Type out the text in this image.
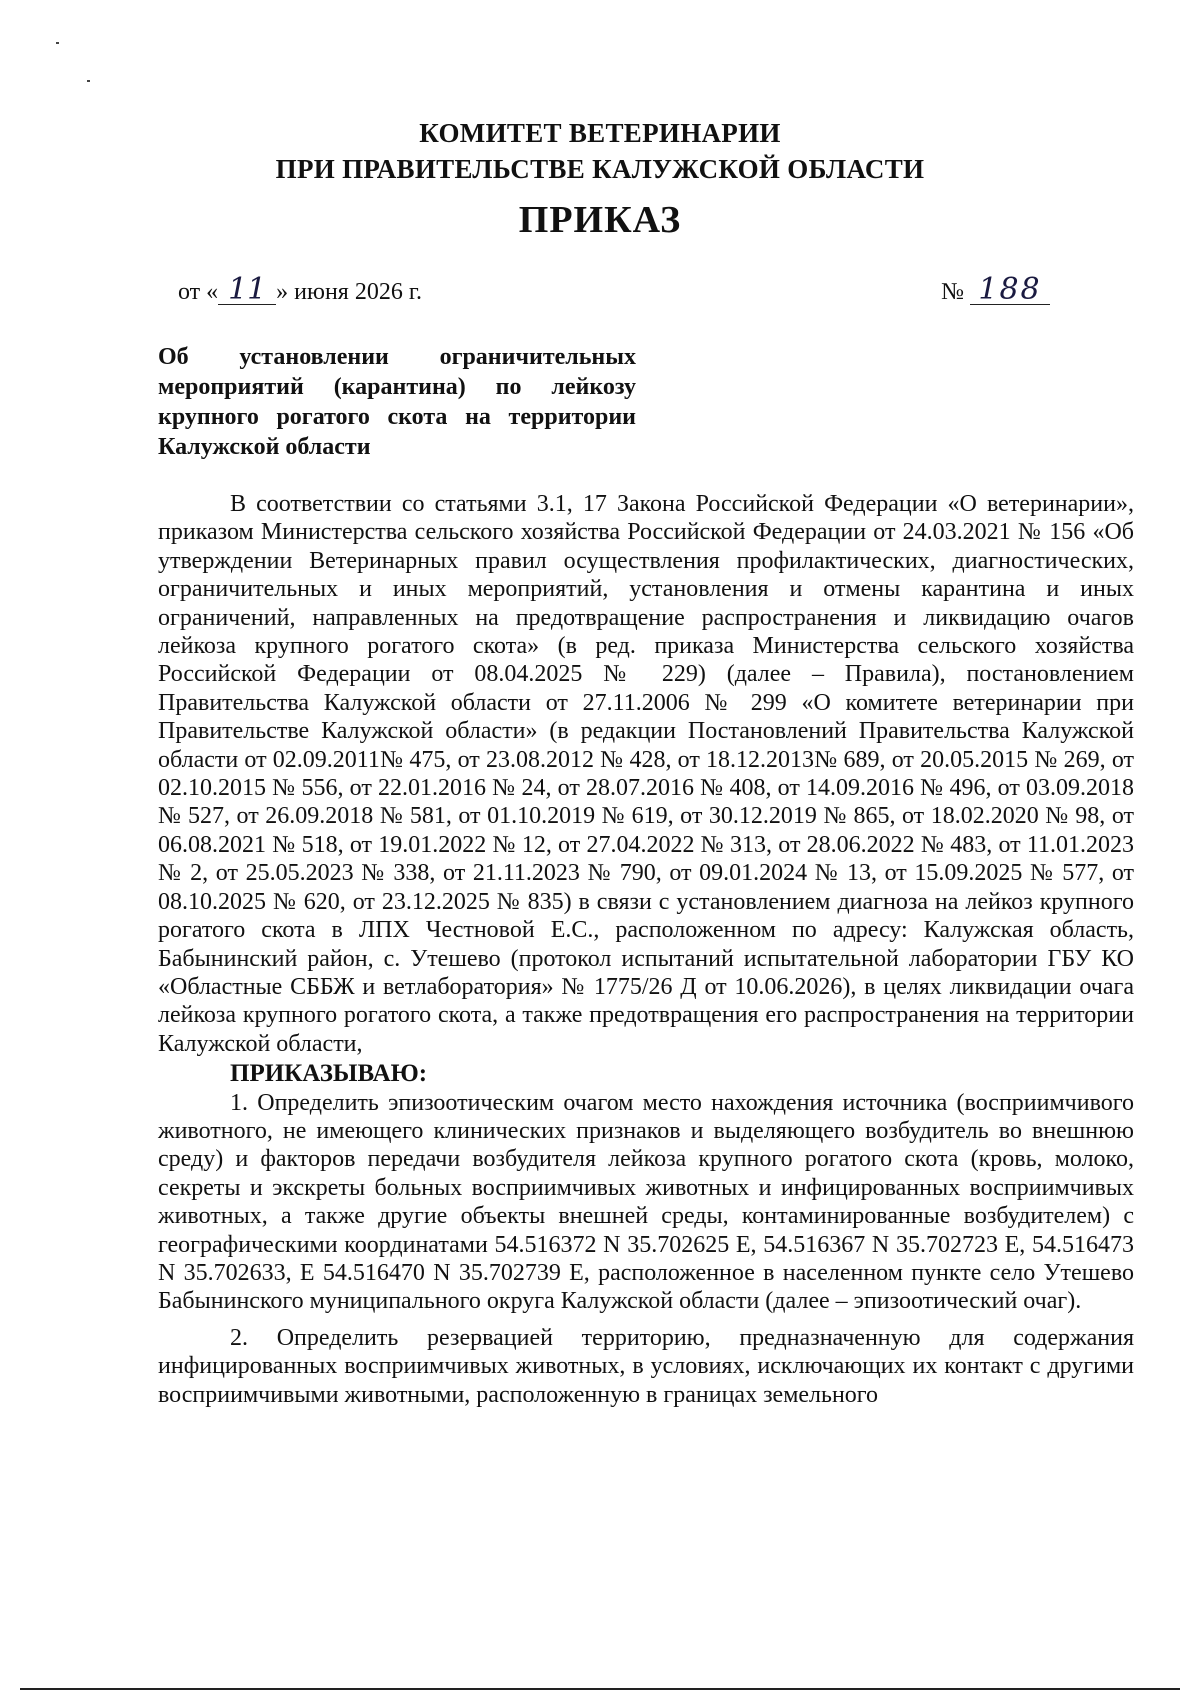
КОМИТЕТ ВЕТЕРИНАРИИ
ПРИ ПРАВИТЕЛЬСТВЕ КАЛУЖСКОЙ ОБЛАСТИ
ПРИКАЗ
от « 11 » июня 2026 г.	№ 188
Об установлении ограничительных мероприятий (карантина) по лейкозу крупного рогатого скота на территории Калужской области

В соответствии со статьями 3.1, 17 Закона Российской Федерации «О ветеринарии», приказом Министерства сельского хозяйства Российской Федерации от 24.03.2021 № 156 «Об утверждении Ветеринарных правил осуществления профилактических, диагностических, ограничительных и иных мероприятий, установления и отмены карантина и иных ограничений, направленных на предотвращение распространения и ликвидацию очагов лейкоза крупного рогатого скота» (в ред. приказа Министерства сельского хозяйства Российской Федерации от 08.04.2025 № 229) (далее – Правила), постановлением Правительства Калужской области от 27.11.2006 № 299 «О комитете ветеринарии при Правительстве Калужской области» (в редакции Постановлений Правительства Калужской области от 02.09.2011№ 475, от 23.08.2012 № 428, от 18.12.2013№ 689, от 20.05.2015 № 269, от 02.10.2015 № 556, от 22.01.2016 № 24, от 28.07.2016 № 408, от 14.09.2016 № 496, от 03.09.2018 № 527, от 26.09.2018 № 581, от 01.10.2019 № 619, от 30.12.2019 № 865, от 18.02.2020 № 98, от 06.08.2021 № 518, от 19.01.2022 № 12, от 27.04.2022 № 313, от 28.06.2022 № 483, от 11.01.2023 № 2, от 25.05.2023 № 338, от 21.11.2023 № 790, от 09.01.2024 № 13, от 15.09.2025 № 577, от 08.10.2025 № 620, от 23.12.2025 № 835) в связи с установлением диагноза на лейкоз крупного рогатого скота в ЛПХ Честновой Е.С., расположенном по адресу: Калужская область, Бабынинский район, с. Утешево (протокол испытаний испытательной лаборатории ГБУ КО «Областные СББЖ и ветлаборатория» № 1775/26 Д от 10.06.2026), в целях ликвидации очага лейкоза крупного рогатого скота, а также предотвращения его распространения на территории Калужской области,

ПРИКАЗЫВАЮ:

1. Определить эпизоотическим очагом место нахождения источника (восприимчивого животного, не имеющего клинических признаков и выделяющего возбудитель во внешнюю среду) и факторов передачи возбудителя лейкоза крупного рогатого скота (кровь, молоко, секреты и экскреты больных восприимчивых животных и инфицированных восприимчивых животных, а также другие объекты внешней среды, контаминированные возбудителем) с географическими координатами 54.516372 N 35.702625 E, 54.516367 N 35.702723 E, 54.516473 N 35.702633, E 54.516470 N 35.702739 E, расположенное в населенном пункте село Утешево Бабынинского муниципального округа Калужской области (далее – эпизоотический очаг).

2. Определить резервацией территорию, предназначенную для содержания инфицированных восприимчивых животных, в условиях, исключающих их контакт с другими восприимчивыми животными, расположенную в границах земельного
